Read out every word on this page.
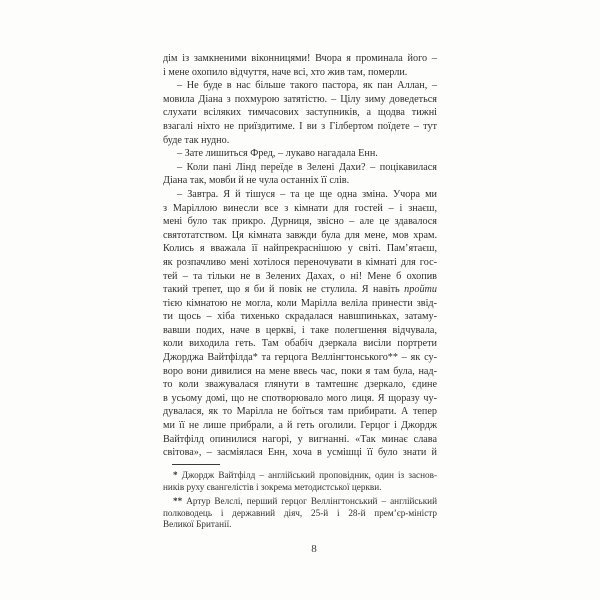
дім із замкненими віконницями! Вчора я проминала його –
і мене охопило відчуття, наче всі, хто жив там, померли.
– Не буде в нас більше такого пастора, як пан Аллан, –
мовила Діана з похмурою затятістю. – Цілу зиму доведеться
слухати всіляких тимчасових заступників, а щодва тижні
взагалі ніхто не приїздитиме. І ви з Гілбертом поїдете – тут
буде так нудно.
– Зате лишиться Фред, – лукаво нагадала Енн.
– Коли пані Лінд переїде в Зелені Дахи? – поцікавилася
Діана так, мовби й не чула останніх її слів.
– Завтра. Я й тішуся – та це ще одна зміна. Учора ми
з Маріллою винесли все з кімнати для гостей – і знаєш,
мені було так прикро. Дурниця, звісно – але це здавалося
святотатством. Ця кімната завжди була для мене, мов храм.
Колись я вважала її найпрекраснішою у світі. Пам’ятаєш,
як розпачливо мені хотілося переночувати в кімнаті для гос-
тей – та тільки не в Зелених Дахах, о ні! Мене б охопив
такий трепет, що я би й повік не стулила. Я навіть пройти
тією кімнатою не могла, коли Марілла веліла принести звід-
ти щось – хіба тихенько скрадалася навшпиньках, затаму-
вавши подих, наче в церкві, і таке полегшення відчувала,
коли виходила геть. Там обабіч дзеркала висіли портрети
Джорджа Вайтфілда* та герцога Веллінгтонського** – як су-
воро вони дивилися на мене ввесь час, поки я там була, над-
то коли зважувалася глянути в тамтешнє дзеркало, єдине
в усьому домі, що не спотворювало мого лиця. Я щоразу чу-
дувалася, як то Марілла не боїться там прибирати. А тепер
ми її не лише прибрали, а й геть оголили. Герцог і Джордж
Вайтфілд опинилися нагорі, у вигнанні. «Так минає слава
світова», – засміялася Енн, хоча в усмішці її було знати й
* Джордж Вайтфілд – англійський проповідник, один із заснов-
ників руху євангелістів і зокрема методистської церкви.
** Артур Велслі, перший герцог Веллінгтонський – англійський
полководець і державний діяч, 25-й і 28-й прем’єр-міністр
Великої Британії.
8
